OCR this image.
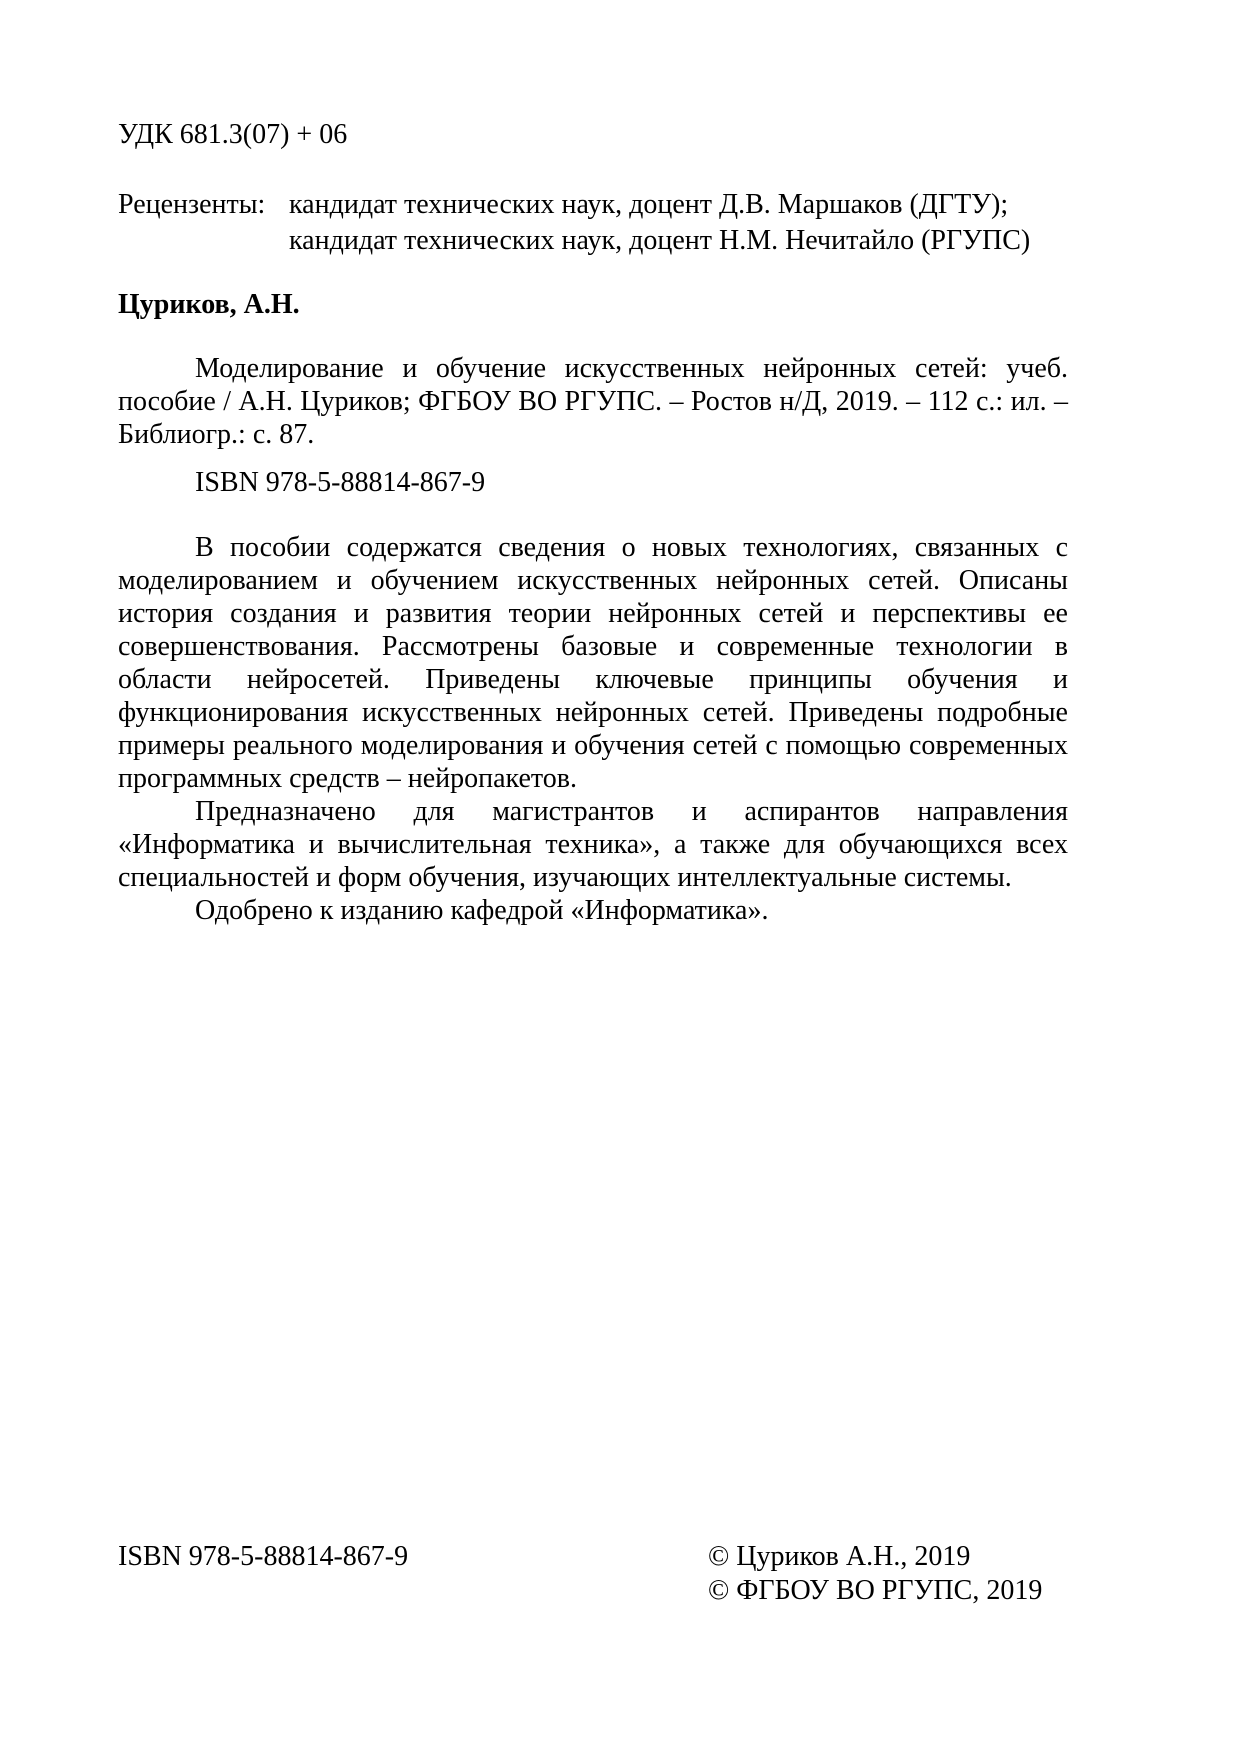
УДК 681.3(07) + 06
Рецензенты: кандидат технических наук, доцент Д.В. Маршаков (ДГТУ);
кандидат технических наук, доцент Н.М. Нечитайло (РГУПС)
Цуриков, А.Н.

Моделирование и обучение искусственных нейронных сетей: учеб. пособие / А.Н. Цуриков; ФГБОУ ВО РГУПС. – Ростов н/Д, 2019. – 112 с.: ил. – Библиогр.: с. 87.

ISBN 978-5-88814-867-9

В пособии содержатся сведения о новых технологиях, связанных с моделированием и обучением искусственных нейронных сетей. Описаны история создания и развития теории нейронных сетей и перспективы ее совершенствования. Рассмотрены базовые и современные технологии в области нейросетей. Приведены ключевые принципы обучения и функционирования искусственных нейронных сетей. Приведены подробные примеры реального моделирования и обучения сетей с помощью современных программных средств – нейропакетов.

Предназначено для магистрантов и аспирантов направления «Информатика и вычислительная техника», а также для обучающихся всех специальностей и форм обучения, изучающих интеллектуальные системы.

Одобрено к изданию кафедрой «Информатика».

ISBN 978-5-88814-867-9	© Цуриков А.Н., 2019
© ФГБОУ ВО РГУПС, 2019
